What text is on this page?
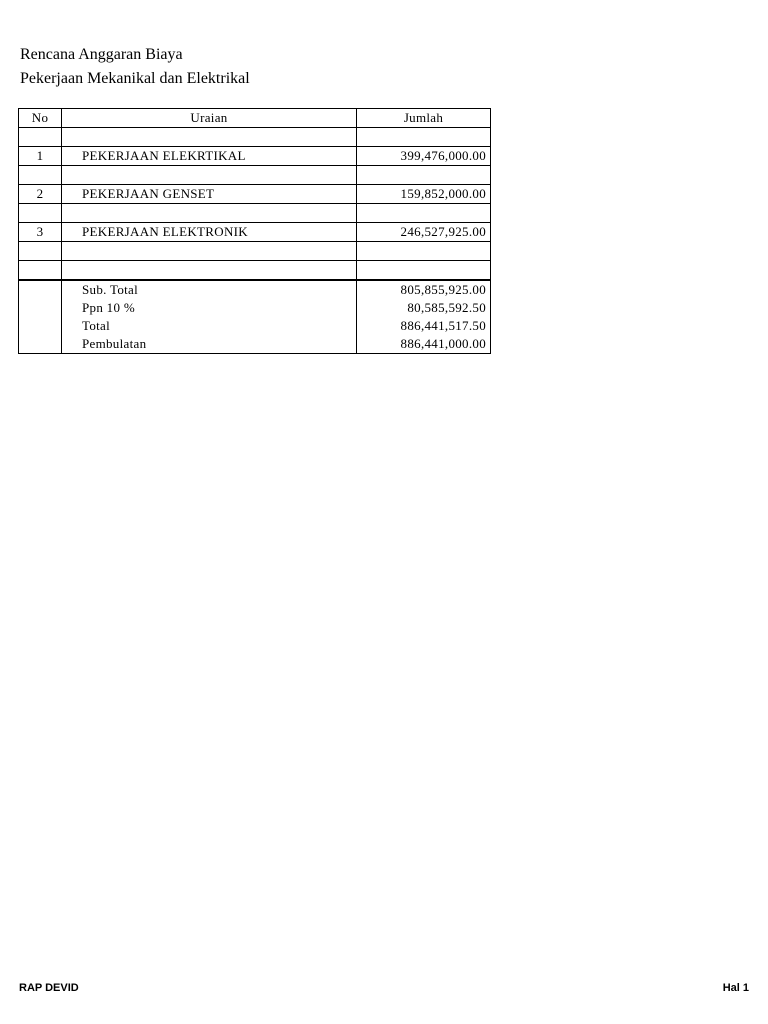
Rencana Anggaran Biaya
Pekerjaan Mekanikal dan Elektrikal
No	Uraian	Jumlah

1	PEKERJAAN ELEKRTIKAL	399,476,000.00

2	PEKERJAAN GENSET	159,852,000.00

3	PEKERJAAN ELEKTRONIK	246,527,925.00

	Sub. Total	805,855,925.00
	Ppn 10 %	80,585,592.50
	Total	886,441,517.50
	Pembulatan	886,441,000.00
RAP DEVID	Hal 1
